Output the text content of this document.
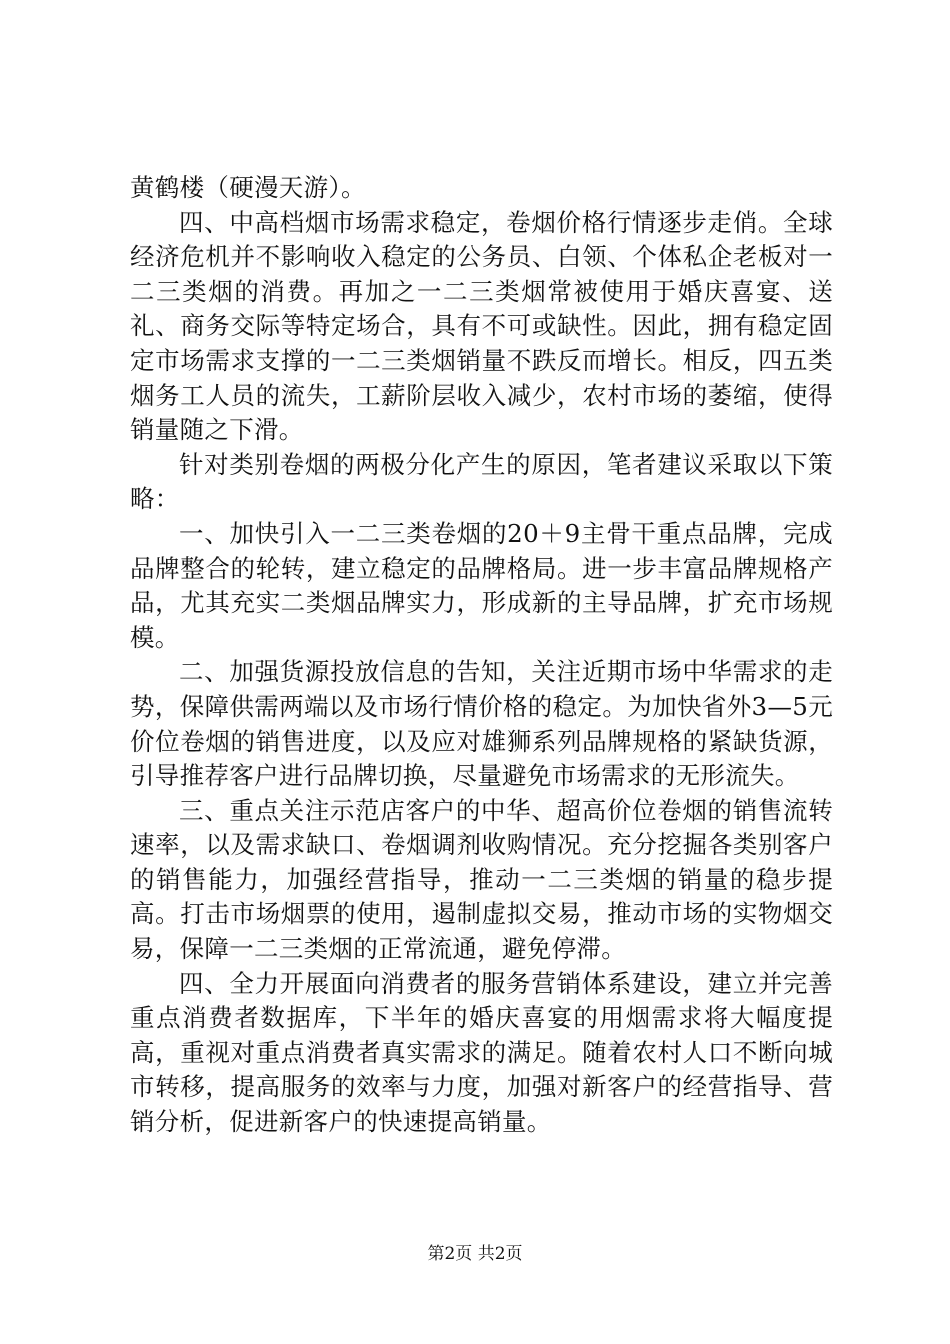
黄鹤楼（硬漫天游）。

四、中高档烟市场需求稳定，卷烟价格行情逐步走俏。全球经济危机并不影响收入稳定的公务员、白领、个体私企老板对一二三类烟的消费。再加之一二三类烟常被使用于婚庆喜宴、送礼、商务交际等特定场合，具有不可或缺性。因此，拥有稳定固定市场需求支撑的一二三类烟销量不跌反而增长。相反，四五类烟务工人员的流失，工薪阶层收入减少，农村市场的萎缩，使得销量随之下滑。

针对类别卷烟的两极分化产生的原因，笔者建议采取以下策略：

一、加快引入一二三类卷烟的20＋9主骨干重点品牌，完成品牌整合的轮转，建立稳定的品牌格局。进一步丰富品牌规格产品，尤其充实二类烟品牌实力，形成新的主导品牌，扩充市场规模。

二、加强货源投放信息的告知，关注近期市场中华需求的走势，保障供需两端以及市场行情价格的稳定。为加快省外3—5元价位卷烟的销售进度，以及应对雄狮系列品牌规格的紧缺货源，引导推荐客户进行品牌切换，尽量避免市场需求的无形流失。

三、重点关注示范店客户的中华、超高价位卷烟的销售流转速率，以及需求缺口、卷烟调剂收购情况。充分挖掘各类别客户的销售能力，加强经营指导，推动一二三类烟的销量的稳步提高。打击市场烟票的使用，遏制虚拟交易，推动市场的实物烟交易，保障一二三类烟的正常流通，避免停滞。

四、全力开展面向消费者的服务营销体系建设，建立并完善重点消费者数据库，下半年的婚庆喜宴的用烟需求将大幅度提高，重视对重点消费者真实需求的满足。随着农村人口不断向城市转移，提高服务的效率与力度，加强对新客户的经营指导、营销分析，促进新客户的快速提高销量。

第2页 共2页
